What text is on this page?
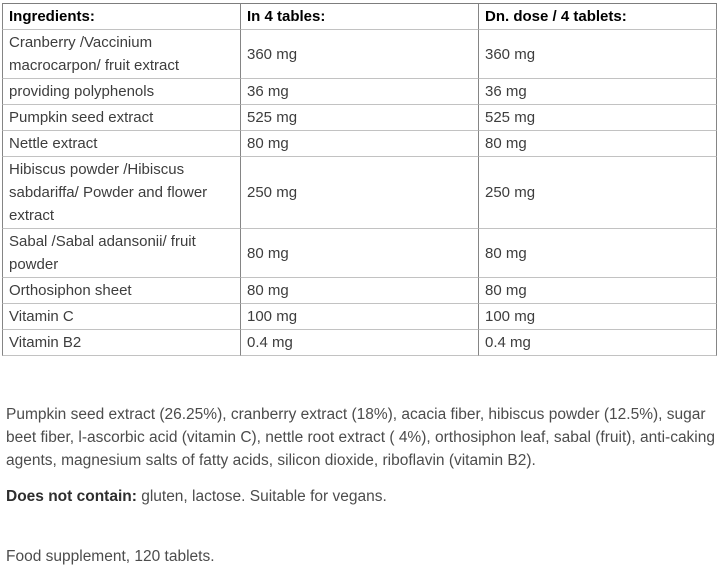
Ingredients:	In 4 tables:	Dn. dose / 4 tablets:
Cranberry /Vaccinium macrocarpon/ fruit extract	360 mg	360 mg
providing polyphenols	36 mg	36 mg
Pumpkin seed extract	525 mg	525 mg
Nettle extract	80 mg	80 mg
Hibiscus powder /Hibiscus sabdariffa/ Powder and flower extract	250 mg	250 mg
Sabal /Sabal adansonii/ fruit powder	80 mg	80 mg
Orthosiphon sheet	80 mg	80 mg
Vitamin C	100 mg	100 mg
Vitamin B2	0.4 mg	0.4 mg

Pumpkin seed extract (26.25%), cranberry extract (18%), acacia fiber, hibiscus powder (12.5%), sugar beet fiber, l-ascorbic acid (vitamin C), nettle root extract ( 4%), orthosiphon leaf, sabal (fruit), anti-caking agents, magnesium salts of fatty acids, silicon dioxide, riboflavin (vitamin B2).

Does not contain: gluten, lactose. Suitable for vegans.

Food supplement, 120 tablets.
